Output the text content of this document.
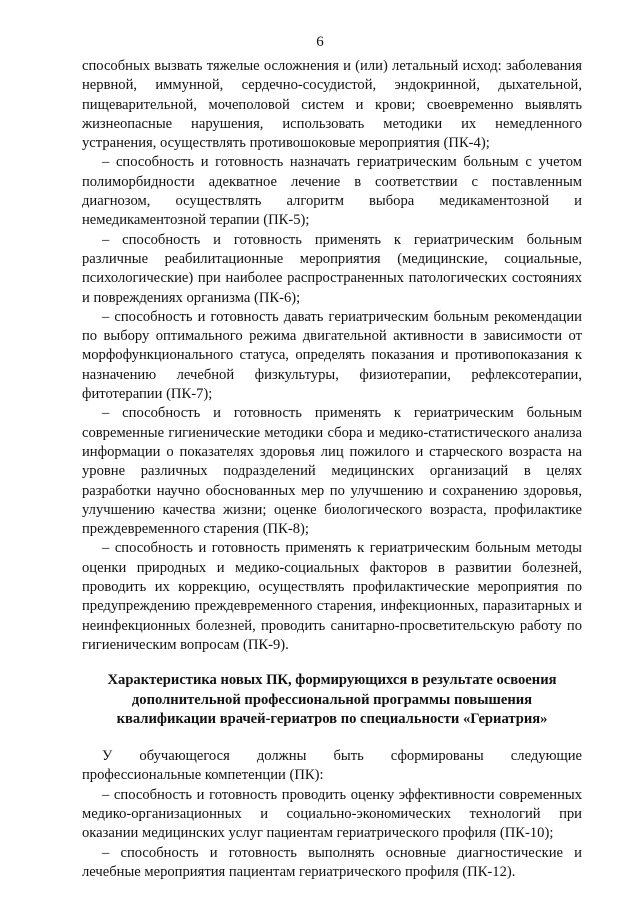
6

способных вызвать тяжелые осложнения и (или) летальный исход: заболевания нервной, иммунной, сердечно-сосудистой, эндокринной, дыхательной, пищеварительной, мочеполовой систем и крови; своевременно выявлять жизнеопасные нарушения, использовать методики их немедленного устранения, осуществлять противошоковые мероприятия (ПК-4);

– способность и готовность назначать гериатрическим больным с учетом полиморбидности адекватное лечение в соответствии с поставленным диагнозом, осуществлять алгоритм выбора медикаментозной и немедикаментозной терапии (ПК-5);

– способность и готовность применять к гериатрическим больным различные реабилитационные мероприятия (медицинские, социальные, психологические) при наиболее распространенных патологических состояниях и повреждениях организма (ПК-6);

– способность и готовность давать гериатрическим больным рекомендации по выбору оптимального режима двигательной активности в зависимости от морфофункционального статуса, определять показания и противопоказания к назначению лечебной физкультуры, физиотерапии, рефлексотерапии, фитотерапии (ПК-7);

– способность и готовность применять к гериатрическим больным современные гигиенические методики сбора и медико-статистического анализа информации о показателях здоровья лиц пожилого и старческого возраста на уровне различных подразделений медицинских организаций в целях разработки научно обоснованных мер по улучшению и сохранению здоровья, улучшению качества жизни; оценке биологического возраста, профилактике преждевременного старения (ПК-8);

– способность и готовность применять к гериатрическим больным методы оценки природных и медико-социальных факторов в развитии болезней, проводить их коррекцию, осуществлять профилактические мероприятия по предупреждению преждевременного старения, инфекционных, паразитарных и неинфекционных болезней, проводить санитарно-просветительскую работу по гигиеническим вопросам (ПК-9).

Характеристика новых ПК, формирующихся в результате освоения дополнительной профессиональной программы повышения квалификации врачей-гериатров по специальности «Гериатрия»

У обучающегося должны быть сформированы следующие профессиональные компетенции (ПК):

– способность и готовность проводить оценку эффективности современных медико-организационных и социально-экономических технологий при оказании медицинских услуг пациентам гериатрического профиля (ПК-10);

– способность и готовность выполнять основные диагностические и лечебные мероприятия пациентам гериатрического профиля (ПК-12).
